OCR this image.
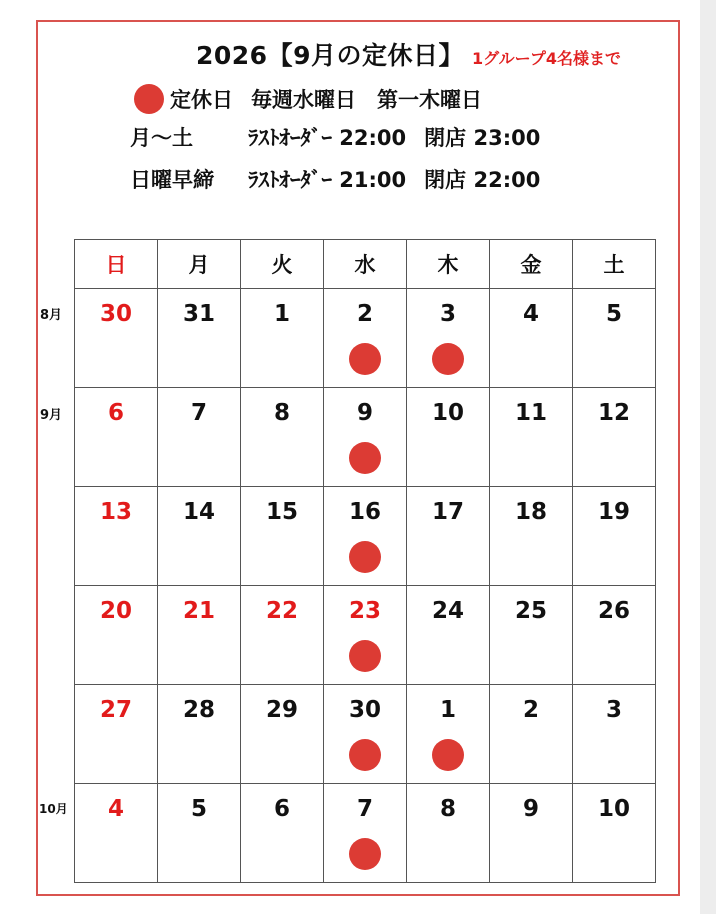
2026【9月の定休日】 1グループ4名様まで
定休日 毎週水曜日　第一木曜日
月～土	ﾗｽﾄｵｰﾀﾞｰ 22:00 閉店 23:00
日曜早締	ﾗｽﾄｵｰﾀﾞｰ 21:00 閉店 22:00
8月
9月
10月
日	月	火	水	木	金	土

30	31	1	2	3	4	5

6	7	8	9	10	11	12

13	14	15	16	17	18	19

20	21	22	23	24	25	26

27	28	29	30	1	2	3

4	5	6	7	8	9	10
